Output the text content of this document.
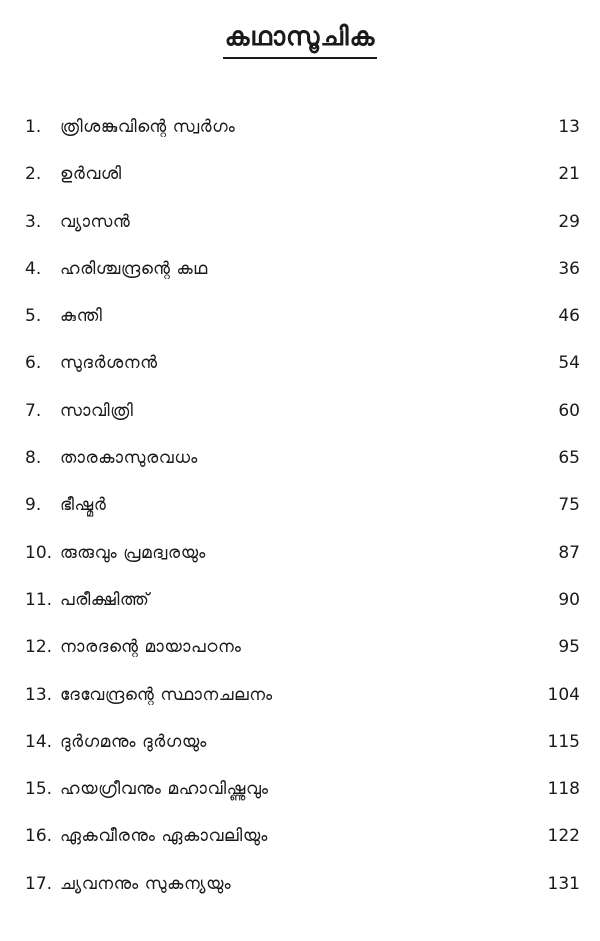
കഥാസൂചിക
1.	ത്രിശങ്കുവിന്റെ സ്വർഗം	13
2.	ഉർവശി	21
3.	വ്യാസൻ	29
4.	ഹരിശ്ചന്ദ്രന്റെ കഥ	36
5.	കുന്തി	46
6.	സുദർശനൻ	54
7.	സാവിത്രി	60
8.	താരകാസുരവധം	65
9.	ഭീഷ്മർ	75
10. രുരുവും പ്രമദ്വരയും	87
11. പരീക്ഷിത്ത്	90
12. നാരദന്റെ മായാപഠനം	95
13. ദേവേന്ദ്രന്റെ സ്ഥാനചലനം	104
14. ദുർഗമനും ദുർഗയും	115
15. ഹയഗ്രീവനും മഹാവിഷ്ണുവും	118
16. ഏകവീരനും ഏകാവലിയും	122
17. ച്യവനനും സുകന്യയും	131
